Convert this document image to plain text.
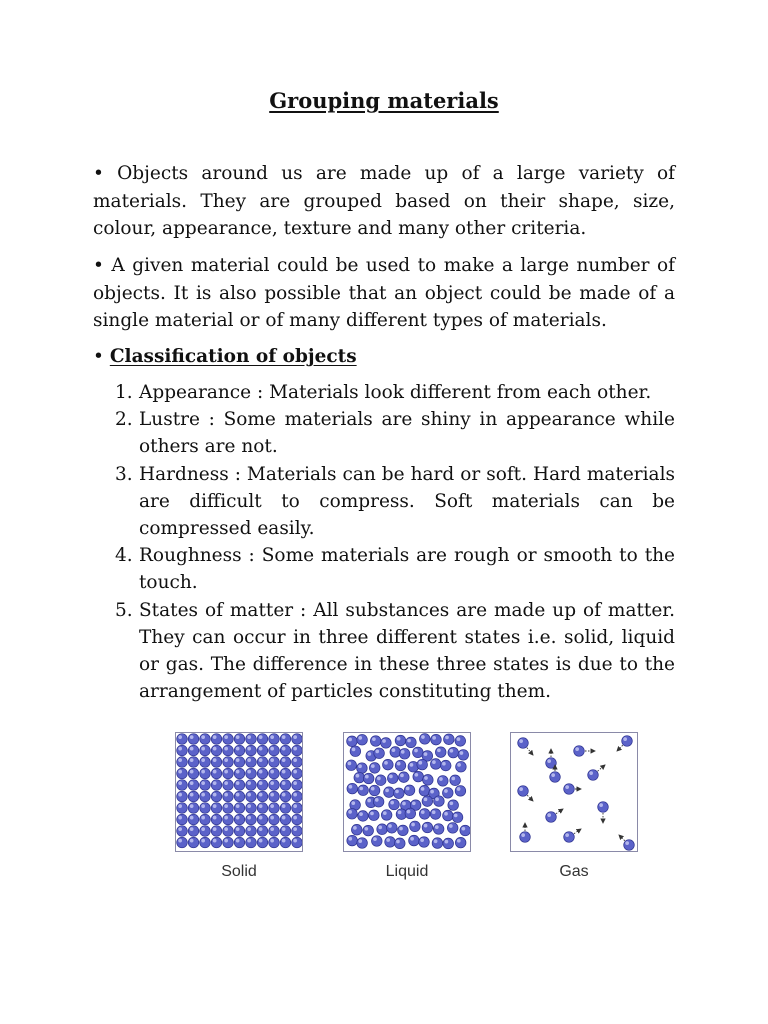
Grouping materials

• Objects around us are made up of a large variety of materials. They are grouped based on their shape, size, colour, appearance, texture and many other criteria.

• A given material could be used to make a large number of objects. It is also possible that an object could be made of a single material or of many different types of materials.

• Classification of objects

1. Appearance : Materials look different from each other.
2. Lustre : Some materials are shiny in appearance while others are not.
3. Hardness : Materials can be hard or soft. Hard materials are difficult to compress. Soft materials can be compressed easily.
4. Roughness : Some materials are rough or smooth to the touch.
5. States of matter : All substances are made up of matter. They can occur in three different states i.e. solid, liquid or gas. The difference in these three states is due to the arrangement of particles constituting them.
Solid	Liquid	Gas
